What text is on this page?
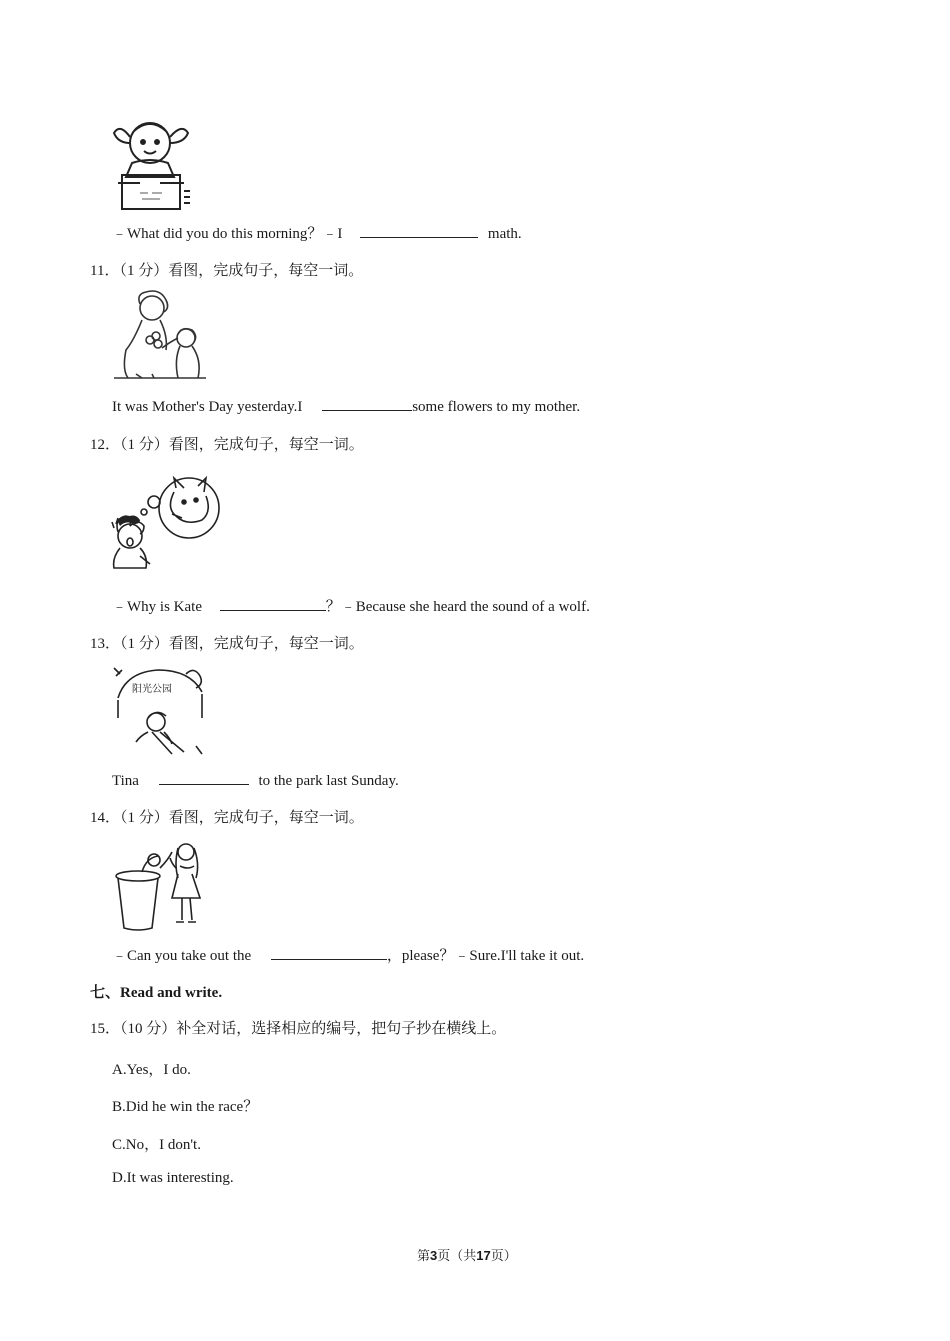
﹣What did you do this morning？﹣I	math.
11．（1 分）看图，完成句子，每空一词。
It was Mother's Day yesterday.I	some flowers to my mother.
12．（1 分）看图，完成句子，每空一词。
﹣Why is Kate	？﹣Because she heard the sound of a wolf.
13．（1 分）看图，完成句子，每空一词。
阳光公园
Tina	to the park last Sunday.
14．（1 分）看图，完成句子，每空一词。
﹣Can you take out the	，please？﹣Sure.I'll take it out.
七、Read and write.
15．（10 分）补全对话，选择相应的编号，把句子抄在横线上。
A.Yes，I do.
B.Did he win the race？
C.No，I don't.
D.It was interesting.
第3页（共17页）
